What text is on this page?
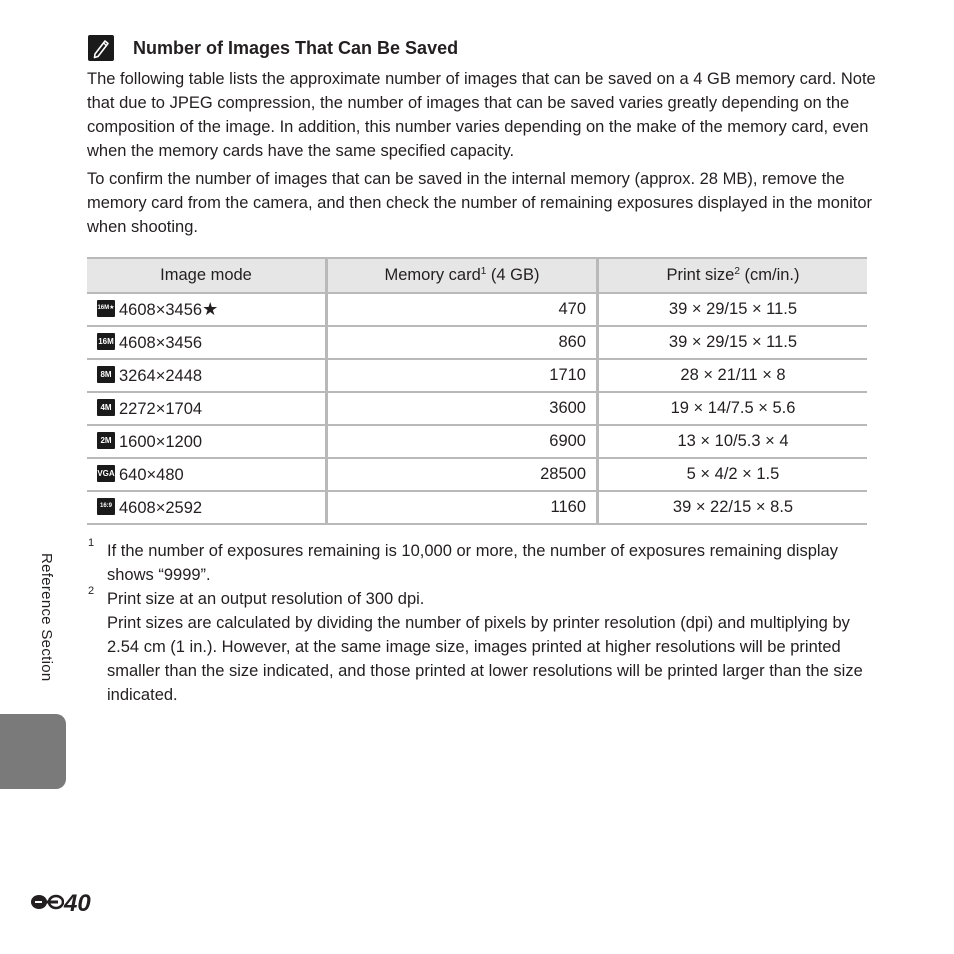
Number of Images That Can Be Saved

The following table lists the approximate number of images that can be saved on a 4 GB memory card. Note that due to JPEG compression, the number of images that can be saved varies greatly depending on the composition of the image. In addition, this number varies depending on the make of the memory card, even when the memory cards have the same specified capacity.

To confirm the number of images that can be saved in the internal memory (approx. 28 MB), remove the memory card from the camera, and then check the number of remaining exposures displayed in the monitor when shooting.

Image mode	Memory card$^1$ (4 GB)	Print size$^2$ (cm/in.)
16M★ 4608×3456★	470	39 × 29/15 × 11.5
16M 4608×3456	860	39 × 29/15 × 11.5
8M 3264×2448	1710	28 × 21/11 × 8
4M 2272×1704	3600	19 × 14/7.5 × 5.6
2M 1600×1200	6900	13 × 10/5.3 × 4
VGA 640×480	28500	5 × 4/2 × 1.5
16:9 4608×2592	1160	39 × 22/15 × 8.5
1 If the number of exposures remaining is 10,000 or more, the number of exposures remaining display shows “9999”.
2 Print size at an output resolution of 300 dpi.
Print sizes are calculated by dividing the number of pixels by printer resolution (dpi) and multiplying by 2.54 cm (1 in.). However, at the same image size, images printed at higher resolutions will be printed smaller than the size indicated, and those printed at lower resolutions will be printed larger than the size indicated.
Reference Section
40
